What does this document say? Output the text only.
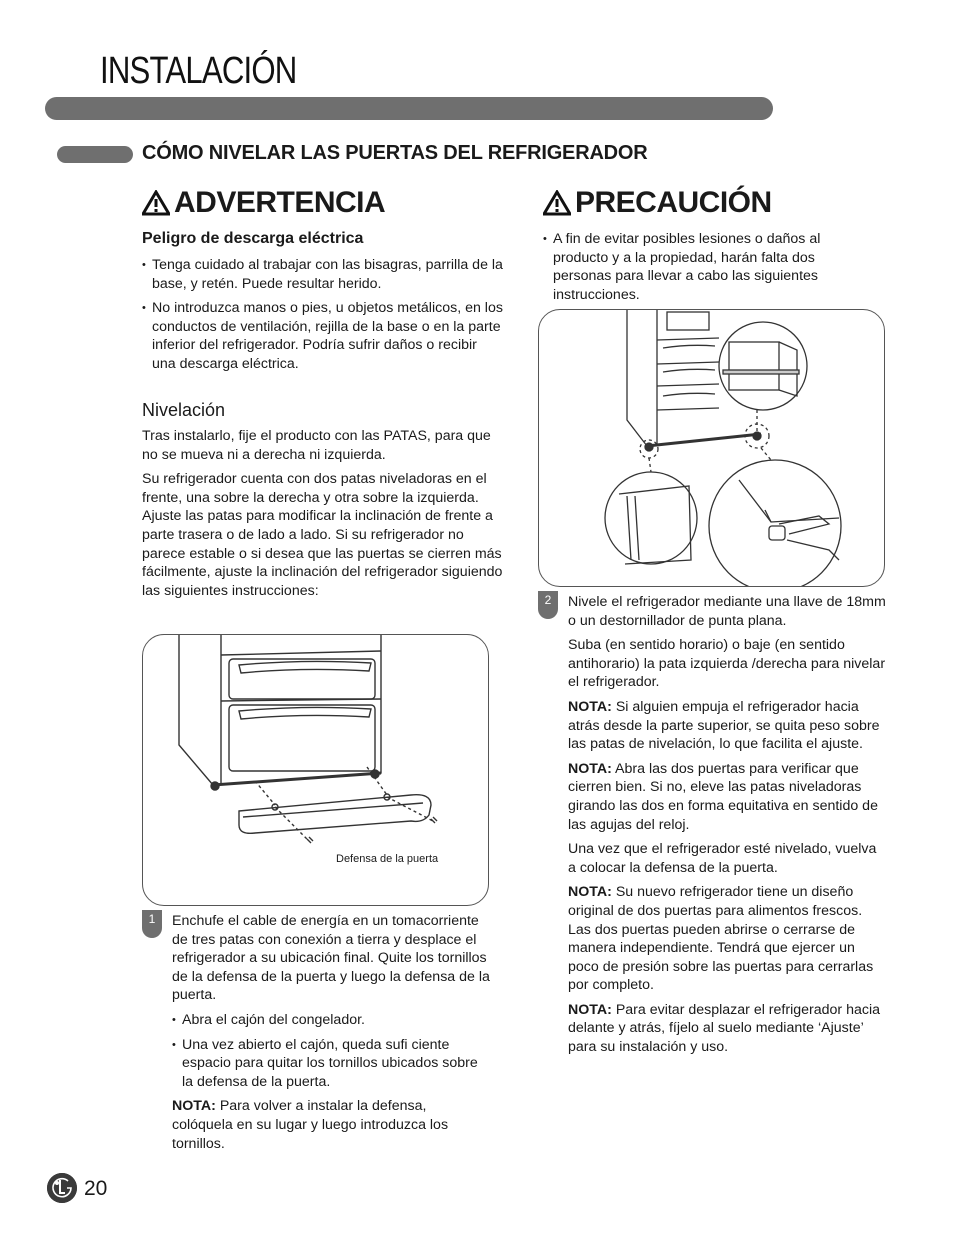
INSTALACIÓN
CÓMO NIVELAR LAS PUERTAS DEL REFRIGERADOR
ADVERTENCIA
Peligro de descarga eléctrica
• Tenga cuidado al trabajar con las bisagras, parrilla de la base, y retén. Puede resultar herido.
• No introduzca manos o pies, u objetos metálicos, en los conductos de ventilación, rejilla de la base o en la parte inferior del refrigerador. Podría sufrir daños o recibir una descarga eléctrica.
Nivelación

Tras instalarlo, fije el producto con las PATAS, para que no se mueva ni a derecha ni izquierda.

Su refrigerador cuenta con dos patas niveladoras en el frente, una sobre la derecha y otra sobre la izquierda. Ajuste las patas para modificar la inclinación de frente a parte trasera o de lado a lado. Si su refrigerador no parece estable o si desea que las puertas se cierren más fácilmente, ajuste la inclinación del refrigerador siguiendo las siguientes instrucciones:

Defensa de la puerta
1	Enchufe el cable de energía en un tomacorriente de tres patas con conexión a tierra y desplace el refrigerador a su ubicación final. Quite los tornillos de la defensa de la puerta y luego la defensa de la puerta.

• Abra el cajón del congelador.
• Una vez abierto el cajón, queda sufi ciente espacio para quitar los tornillos ubicados sobre la defensa de la puerta.

NOTA: Para volver a instalar la defensa, colóquela en su lugar y luego introduzca los tornillos.

PRECAUCIÓN
• A fin de evitar posibles lesiones o daños al producto y a la propiedad, harán falta dos personas para llevar a cabo las siguientes instrucciones.
2	Nivele el refrigerador mediante una llave de 18mm o un destornillador de punta plana.

Suba (en sentido horario) o baje (en sentido antihorario) la pata izquierda /derecha para nivelar el refrigerador.

NOTA: Si alguien empuja el refrigerador hacia atrás desde la parte superior, se quita peso sobre las patas de nivelación, lo que facilita el ajuste.

NOTA: Abra las dos puertas para verificar que cierren bien. Si no, eleve las patas niveladoras girando las dos en forma equitativa en sentido de las agujas del reloj.

Una vez que el refrigerador esté nivelado, vuelva a colocar la defensa de la puerta.

NOTA: Su nuevo refrigerador tiene un diseño original de dos puertas para alimentos frescos. Las dos puertas pueden abrirse o cerrarse de manera independiente. Tendrá que ejercer un poco de presión sobre las puertas para cerrarlas por completo.

NOTA: Para evitar desplazar el refrigerador hacia delante y atrás, fíjelo al suelo mediante ‘Ajuste’ para su instalación y uso.

20
